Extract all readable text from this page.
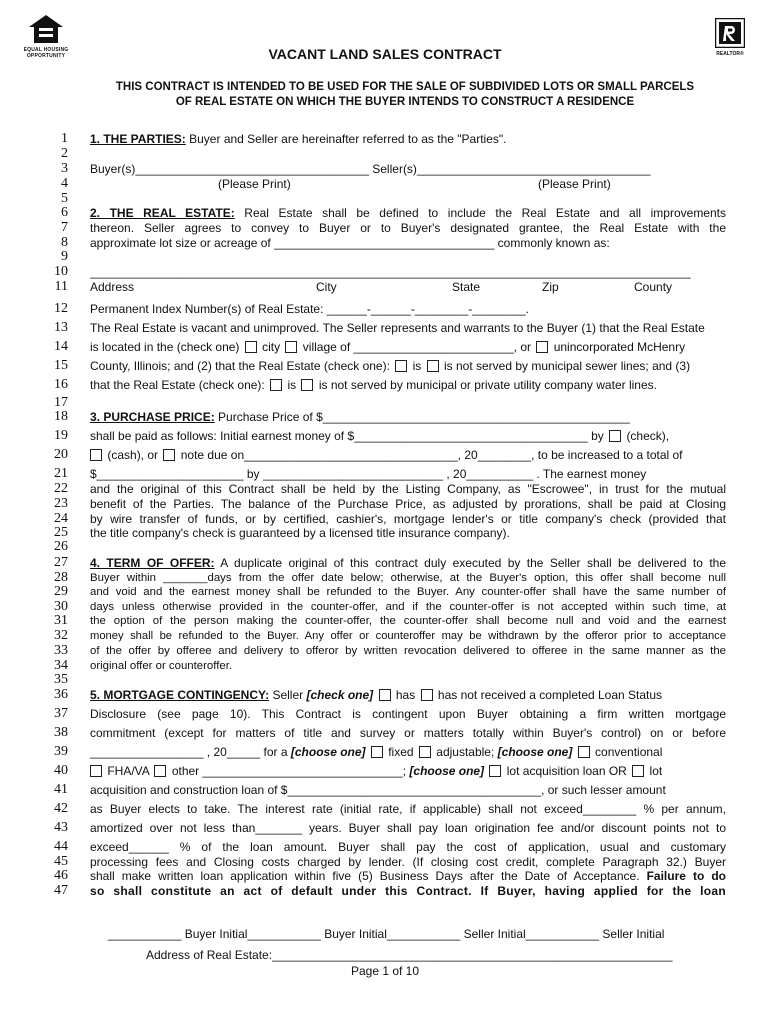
EQUAL HOUSING
OPPORTUNITY	REALTOR®
VACANT LAND SALES CONTRACT
THIS CONTRACT IS INTENDED TO BE USED FOR THE SALE OF SUBDIVIDED LOTS OR SMALL PARCELS
OF REAL ESTATE ON WHICH THE BUYER INTENDS TO CONSTRUCT A RESIDENCE
1
2
3
4
5
6
7
8
9
10
11
12
13
14
15
16
17
18
19
20
21
22
23
24
25
26
27
28
29
30
31
32
33
34
35
36
37
38
39
40
41
42
43
44
45
46
47
1. THE PARTIES: Buyer and Seller are hereinafter referred to as the "Parties".
Buyer(s)___________________________________ Seller(s)___________________________________
(Please Print)	(Please Print)
2. THE REAL ESTATE: Real Estate shall be defined to include the Real Estate and all improvements
thereon. Seller agrees to convey to Buyer or to Buyer's designated grantee, the Real Estate with the
approximate lot size or acreage of _________________________________ commonly known as:
__________________________________________________________________________________________
Address	City	State	Zip	County
Permanent Index Number(s) of Real Estate: ______-______-________-________.
The Real Estate is vacant and unimproved. The Seller represents and warrants to the Buyer (1) that the Real Estate
is located in the (check one) city village of ________________________, or unincorporated McHenry
County, Illinois; and (2) that the Real Estate (check one): is is not served by municipal sewer lines; and (3)
that the Real Estate (check one): is is not served by municipal or private utility company water lines.
3. PURCHASE PRICE: Purchase Price of $______________________________________________
shall be paid as follows: Initial earnest money of $___________________________________ by (check),
(cash), or note due on________________________________, 20________, to be increased to a total of
$______________________ by ___________________________ , 20__________ . The earnest money
and the original of this Contract shall be held by the Listing Company, as "Escrowee", in trust for the mutual
benefit of the Parties. The balance of the Purchase Price, as adjusted by prorations, shall be paid at Closing
by wire transfer of funds, or by certified, cashier's, mortgage lender's or title company's check (provided that
the title company's check is guaranteed by a licensed title insurance company).
4. TERM OF OFFER: A duplicate original of this contract duly executed by the Seller shall be delivered to the
Buyer within _______days from the offer date below; otherwise, at the Buyer's option, this offer shall become null
and void and the earnest money shall be refunded to the Buyer. Any counter-offer shall have the same number of
days unless otherwise provided in the counter-offer, and if the counter-offer is not accepted within such time, at
the option of the person making the counter-offer, the counter-offer shall become null and void and the earnest
money shall be refunded to the Buyer. Any offer or counteroffer may be withdrawn by the offeror prior to acceptance
of the offer by offeree and delivery to offeror by written revocation delivered to offeree in the same manner as the
original offer or counteroffer.
5. MORTGAGE CONTINGENCY: Seller [check one] has has not received a completed Loan Status
Disclosure (see page 10). This Contract is contingent upon Buyer obtaining a firm written mortgage
commitment (except for matters of title and survey or matters totally within Buyer's control) on or before
_________________ , 20_____ for a [choose one] fixed adjustable; [choose one] conventional
FHA/VA other ______________________________; [choose one] lot acquisition loan OR lot
acquisition and construction loan of $______________________________________, or such lesser amount
as Buyer elects to take. The interest rate (initial rate, if applicable) shall not exceed________ % per annum,
amortized over not less than_______ years. Buyer shall pay loan origination fee and/or discount points not to
exceed______ % of the loan amount. Buyer shall pay the cost of application, usual and customary
processing fees and Closing costs charged by lender. (If closing cost credit, complete Paragraph 32.) Buyer
shall make written loan application within five (5) Business Days after the Date of Acceptance. Failure to do
so shall constitute an act of default under this Contract. If Buyer, having applied for the loan
___________ Buyer Initial___________ Buyer Initial___________ Seller Initial___________ Seller Initial
Address of Real Estate:____________________________________________________________
Page 1 of 10
